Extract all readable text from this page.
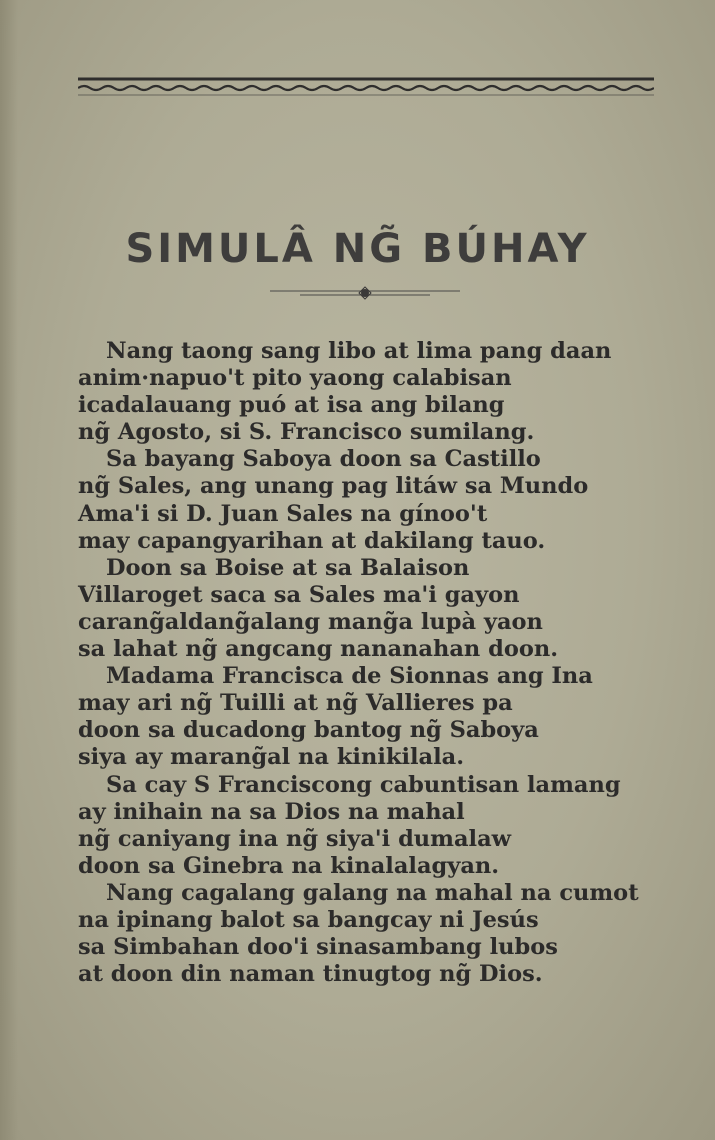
SIMULÂ NG̃ BÚHAY
Nang taong sang libo at lima pang daan
anim·napuo't pito yaong calabisan
icadalauang puó at isa ang bilang
ng̃ Agosto, si S. Francisco sumilang.
Sa bayang Saboya doon sa Castillo
ng̃ Sales, ang unang pag litáw sa Mundo
Ama'i si D. Juan Sales na gínoo't
may capangyarihan at dakilang tauo.
Doon sa Boise at sa Balaison
Villaroget saca sa Sales ma'i gayon
carang̃aldang̃alang mang̃a lupà yaon
sa lahat ng̃ angcang nananahan doon.
Madama Francisca de Sionnas ang Ina
may ari ng̃ Tuilli at ng̃ Vallieres pa
doon sa ducadong bantog ng̃ Saboya
siya ay marang̃al na kinikilala.
Sa cay S Franciscong cabuntisan lamang
ay inihain na sa Dios na mahal
ng̃ caniyang ina ng̃ siya'i dumalaw
doon sa Ginebra na kinalalagyan.
Nang cagalang galang na mahal na cumot
na ipinang balot sa bangcay ni Jesús
sa Simbahan doo'i sinasambang lubos
at doon din naman tinugtog ng̃ Dios.
